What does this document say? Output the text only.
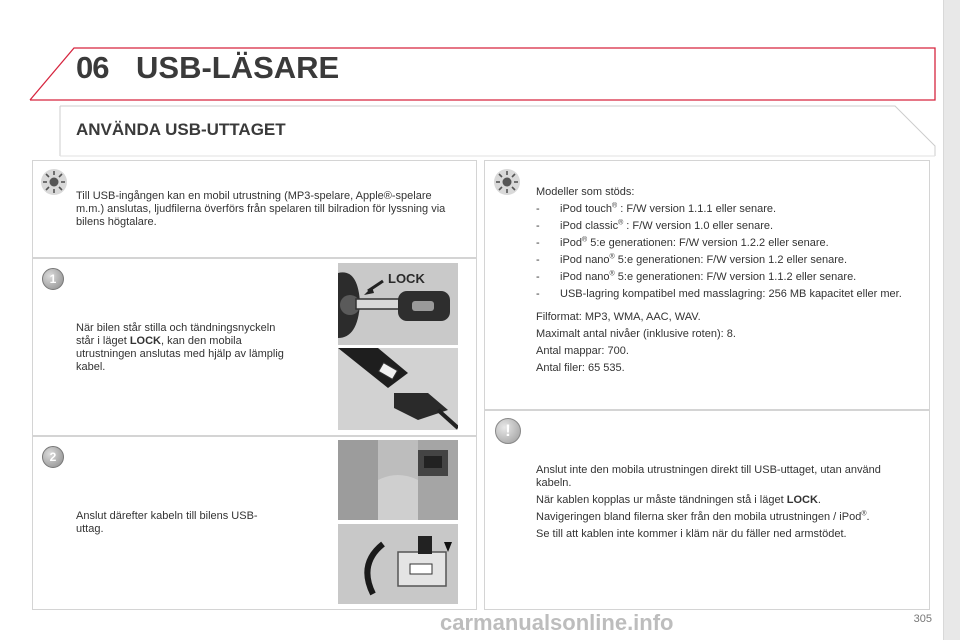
06 USB-LÄSARE
ANVÄNDA USB-UTTAGET
Till USB-ingången kan en mobil utrustning (MP3-spelare, Apple®-spelare m.m.) anslutas, ljudfilerna överförs från spelaren till bilradion för lyssning via bilens högtalare.
1
När bilen står stilla och tändningsnyckeln står i läget LOCK, kan den mobila utrustningen anslutas med hjälp av lämplig kabel.
LOCK
2
Anslut därefter kabeln till bilens USB-uttag.
Modeller som stöds:
- iPod touch® : F/W version 1.1.1 eller senare.
- iPod classic® : F/W version 1.0 eller senare.
- iPod® 5:e generationen: F/W version 1.2.2 eller senare.
- iPod nano® 5:e generationen: F/W version 1.2 eller senare.
- iPod nano® 5:e generationen: F/W version 1.1.2 eller senare.
- USB-lagring kompatibel med masslagring: 256 MB kapacitet eller mer.
Filformat: MP3, WMA, AAC, WAV.
Maximalt antal nivåer (inklusive roten): 8.
Antal mappar: 700.
Antal filer: 65 535.
!
Anslut inte den mobila utrustningen direkt till USB-uttaget, utan använd kabeln.
När kablen kopplas ur måste tändningen stå i läget LOCK.
Navigeringen bland filerna sker från den mobila utrustningen / iPod®.
Se till att kablen inte kommer i kläm när du fäller ned armstödet.
carmanualsonline.info	305
